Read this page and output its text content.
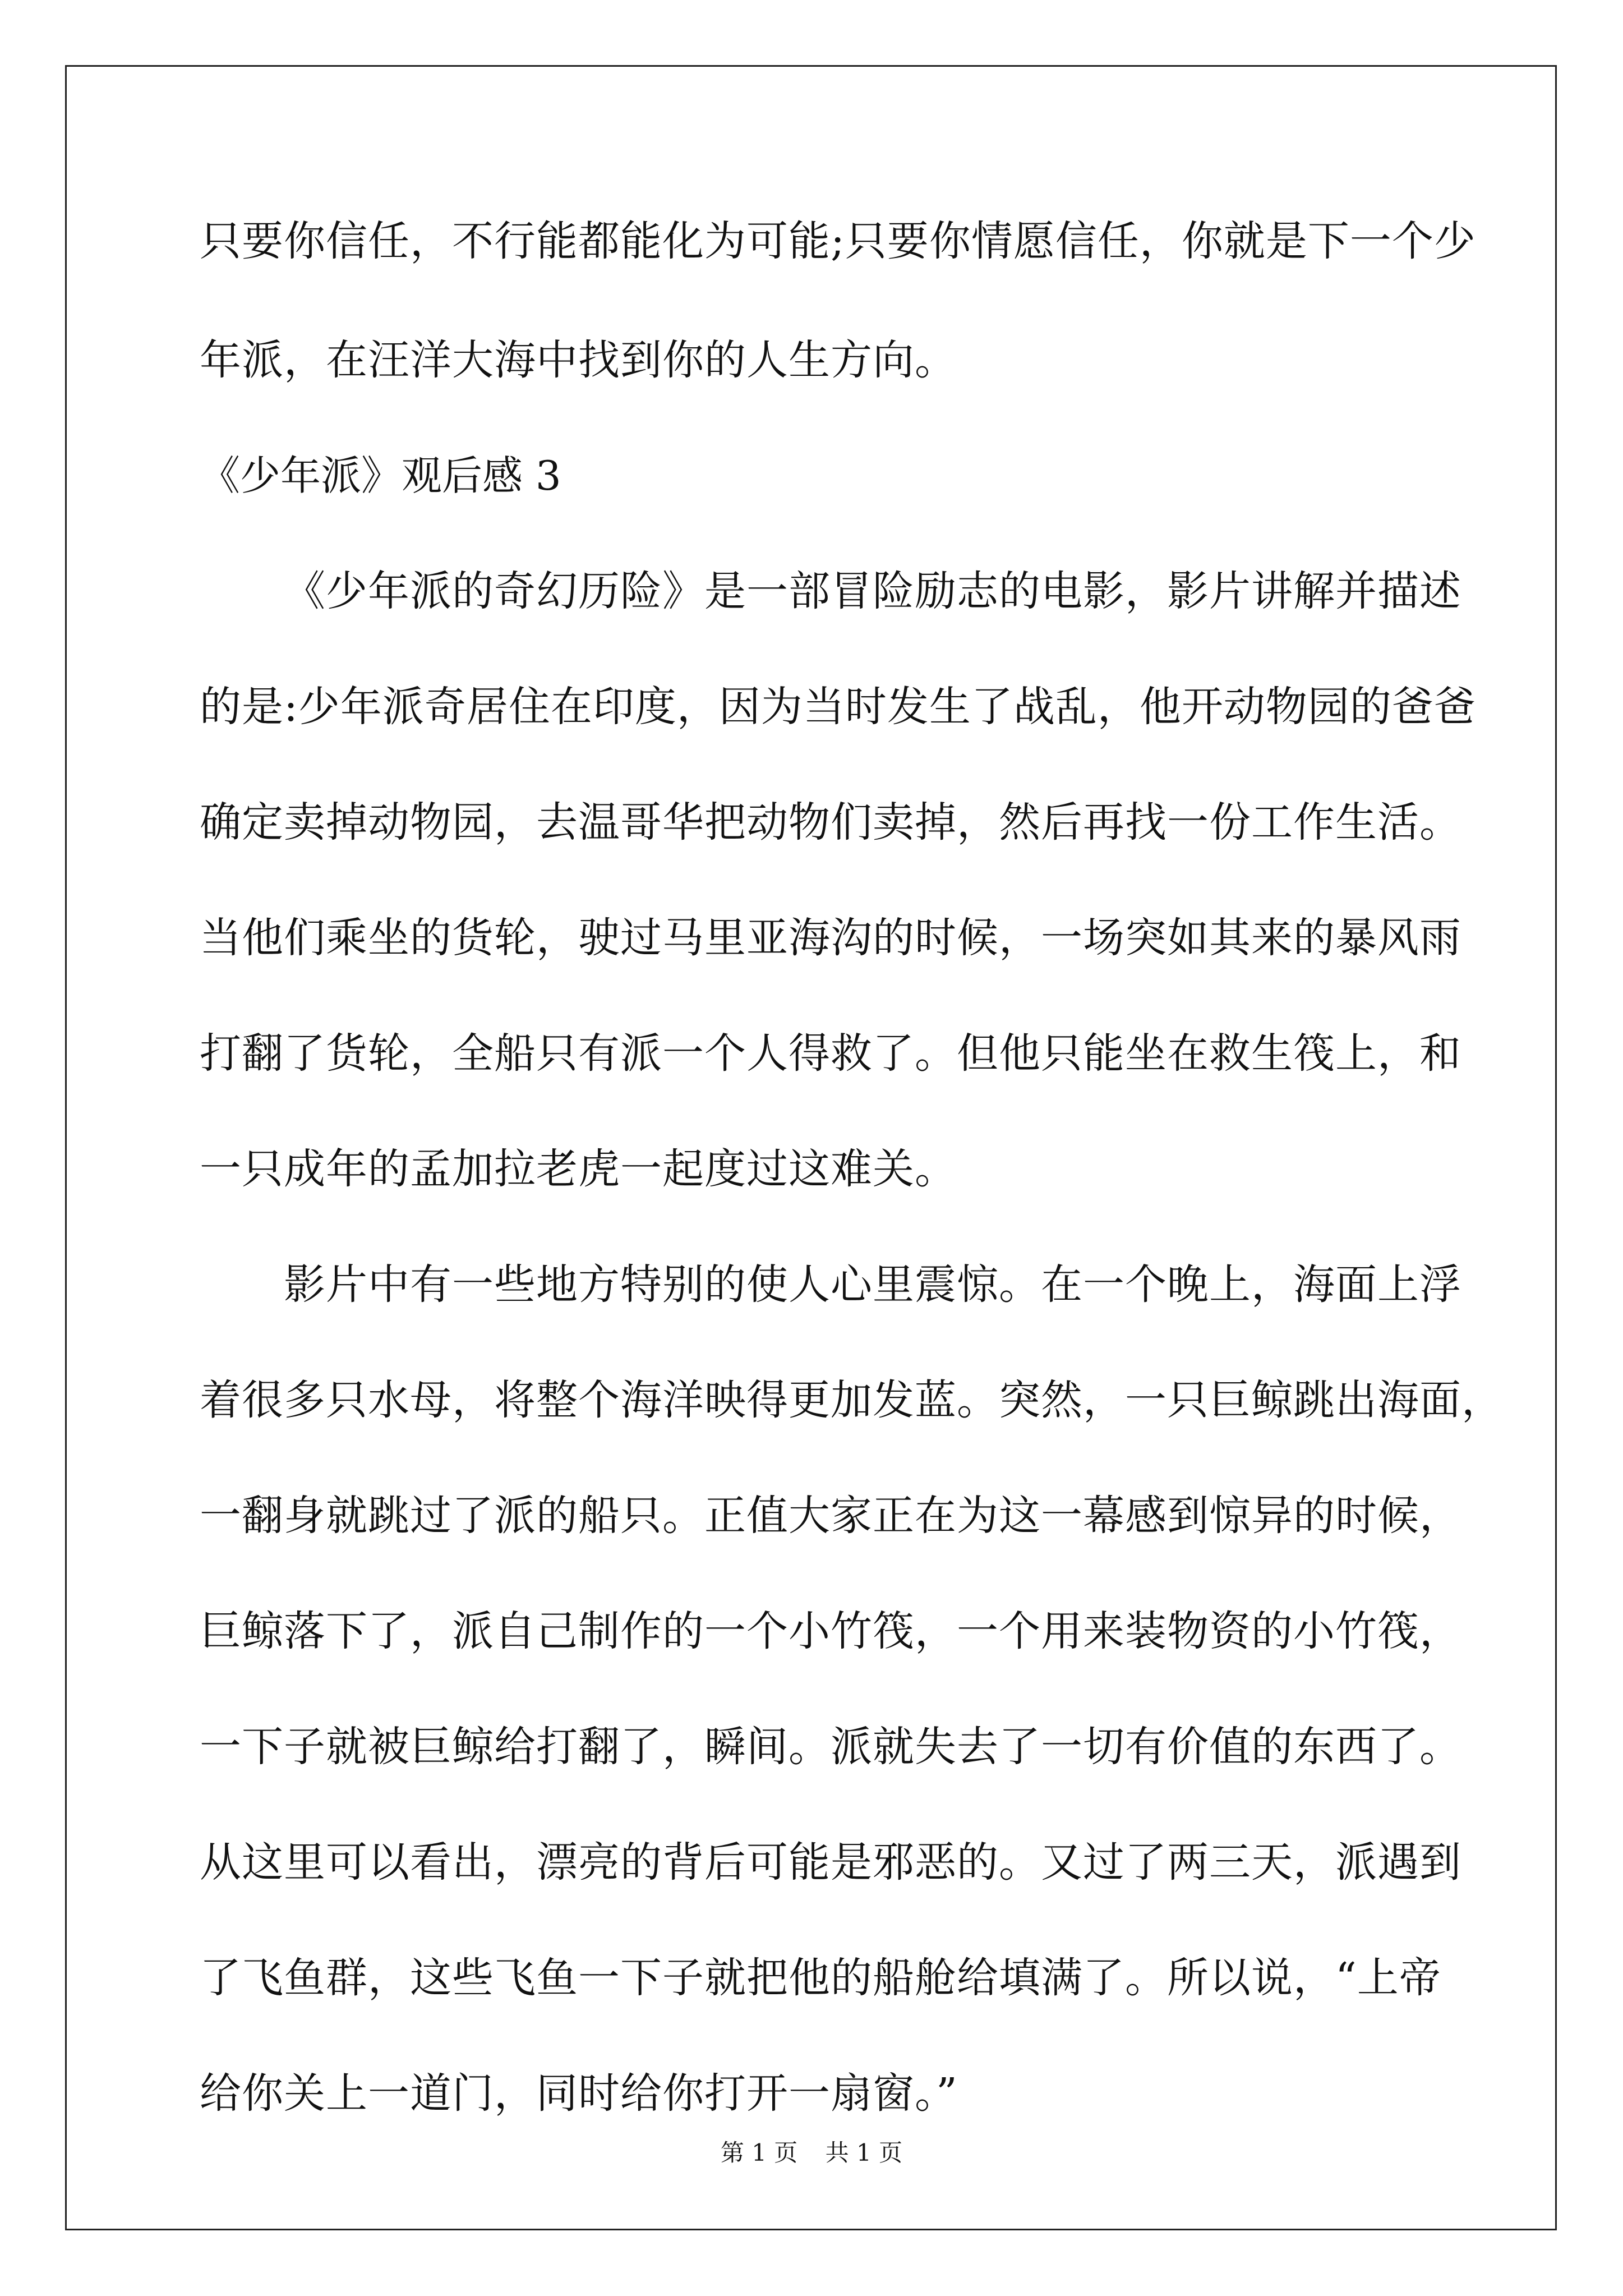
只要你信任，不行能都能化为可能;只要你情愿信任，你就是下一个少
年派，在汪洋大海中找到你的人生方向。
《少年派》观后感 3
《少年派的奇幻历险》是一部冒险励志的电影，影片讲解并描述
的是:少年派奇居住在印度，因为当时发生了战乱，他开动物园的爸爸
确定卖掉动物园，去温哥华把动物们卖掉，然后再找一份工作生活。
当他们乘坐的货轮，驶过马里亚海沟的时候，一场突如其来的暴风雨
打翻了货轮，全船只有派一个人得救了。但他只能坐在救生筏上，和
一只成年的孟加拉老虎一起度过这难关。
影片中有一些地方特别的使人心里震惊。在一个晚上，海面上浮
着很多只水母，将整个海洋映得更加发蓝。突然，一只巨鲸跳出海面，
一翻身就跳过了派的船只。正值大家正在为这一幕感到惊异的时候，
巨鲸落下了，派自己制作的一个小竹筏，一个用来装物资的小竹筏，
一下子就被巨鲸给打翻了，瞬间。派就失去了一切有价值的东西了。
从这里可以看出，漂亮的背后可能是邪恶的。又过了两三天，派遇到
了飞鱼群，这些飞鱼一下子就把他的船舱给填满了。所以说，“上帝
给你关上一道门，同时给你打开一扇窗。”
第 1 页 共 1 页
